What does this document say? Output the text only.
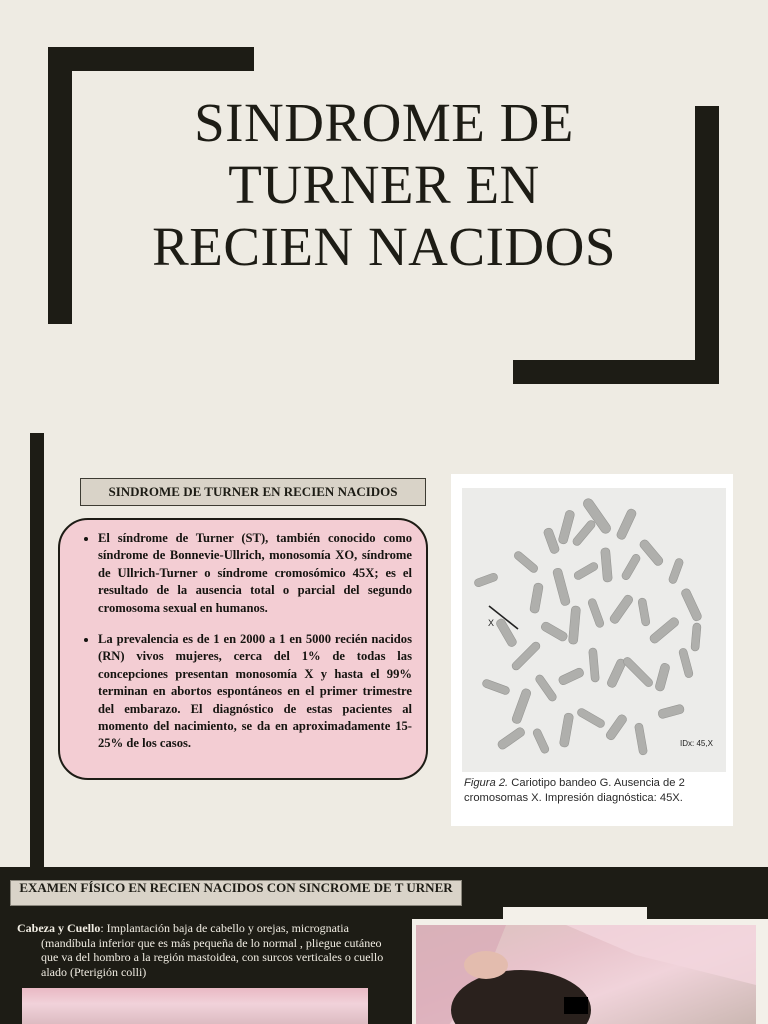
SINDROME DE
TURNER EN
RECIEN NACIDOS
SINDROME DE TURNER EN RECIEN NACIDOS
• El síndrome de Turner (ST), también conocido como síndrome de Bonnevie-Ullrich, monosomía XO, síndrome de Ullrich-Turner o síndrome cromosómico 45X; es el resultado de la ausencia total o parcial del segundo cromosoma sexual en humanos.
• La prevalencia es de 1 en 2000 a 1 en 5000 recién nacidos (RN) vivos mujeres, cerca del 1% de todas las concepciones presentan monosomía X y hasta el 99% terminan en abortos espontáneos en el primer trimestre del embarazo. El diagnóstico de estas pacientes al momento del nacimiento, se da en aproximadamente 15-25% de los casos.
X
IDx: 45,X
Figura 2. Cariotipo bandeo G. Ausencia de 2 cromosomas X. Impresión diagnóstica: 45X.
EXAMEN FÍSICO EN RECIEN NACIDOS CON SINCROME DE T URNER
Cabeza y Cuello: Implantación baja de cabello y orejas, micrognatia
(mandíbula inferior que es más pequeña de lo normal , pliegue cutáneo que va del hombro a la región mastoidea, con surcos verticales o cuello alado (Pterigión colli)
